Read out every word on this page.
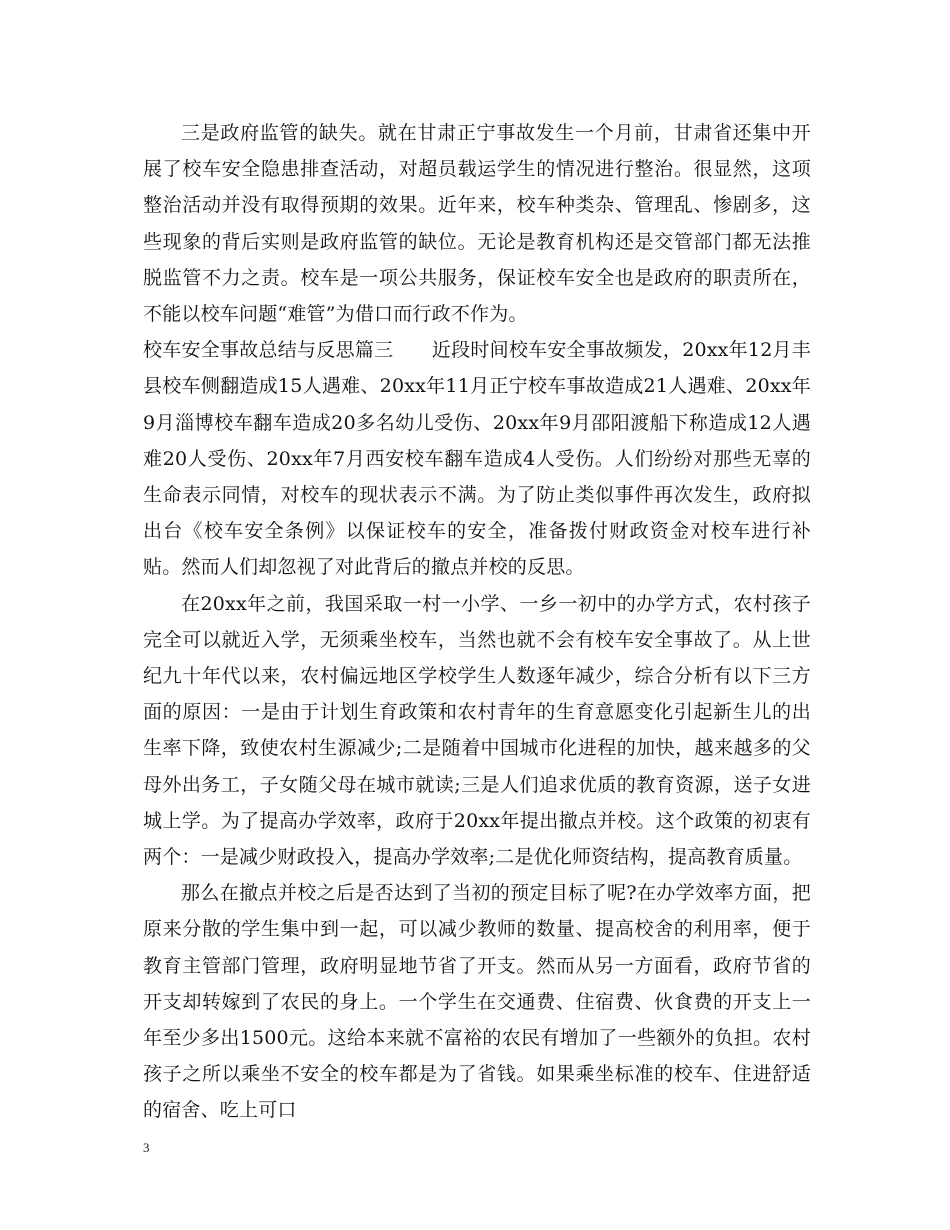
三是政府监管的缺失。就在甘肃正宁事故发生一个月前，甘肃省还集中开展了校车安全隐患排查活动，对超员载运学生的情况进行整治。很显然，这项整治活动并没有取得预期的效果。近年来，校车种类杂、管理乱、惨剧多，这些现象的背后实则是政府监管的缺位。无论是教育机构还是交管部门都无法推脱监管不力之责。校车是一项公共服务，保证校车安全也是政府的职责所在，不能以校车问题“难管”为借口而行政不作为。

校车安全事故总结与反思篇三　　近段时间校车安全事故频发，20xx年12月丰县校车侧翻造成15人遇难、20xx年11月正宁校车事故造成21人遇难、20xx年9月淄博校车翻车造成20多名幼儿受伤、20xx年9月邵阳渡船下称造成12人遇难20人受伤、20xx年7月西安校车翻车造成4人受伤。人们纷纷对那些无辜的生命表示同情，对校车的现状表示不满。为了防止类似事件再次发生，政府拟出台《校车安全条例》以保证校车的安全，准备拨付财政资金对校车进行补贴。然而人们却忽视了对此背后的撤点并校的反思。

在20xx年之前，我国采取一村一小学、一乡一初中的办学方式，农村孩子完全可以就近入学，无须乘坐校车，当然也就不会有校车安全事故了。从上世纪九十年代以来，农村偏远地区学校学生人数逐年减少，综合分析有以下三方面的原因：一是由于计划生育政策和农村青年的生育意愿变化引起新生儿的出生率下降，致使农村生源减少;二是随着中国城市化进程的加快，越来越多的父母外出务工，子女随父母在城市就读;三是人们追求优质的教育资源，送子女进城上学。为了提高办学效率，政府于20xx年提出撤点并校。这个政策的初衷有两个：一是减少财政投入，提高办学效率;二是优化师资结构，提高教育质量。

那么在撤点并校之后是否达到了当初的预定目标了呢?在办学效率方面，把原来分散的学生集中到一起，可以减少教师的数量、提高校舍的利用率，便于教育主管部门管理，政府明显地节省了开支。然而从另一方面看，政府节省的开支却转嫁到了农民的身上。一个学生在交通费、住宿费、伙食费的开支上一年至少多出1500元。这给本来就不富裕的农民有增加了一些额外的负担。农村孩子之所以乘坐不安全的校车都是为了省钱。如果乘坐标准的校车、住进舒适的宿舍、吃上可口

3
